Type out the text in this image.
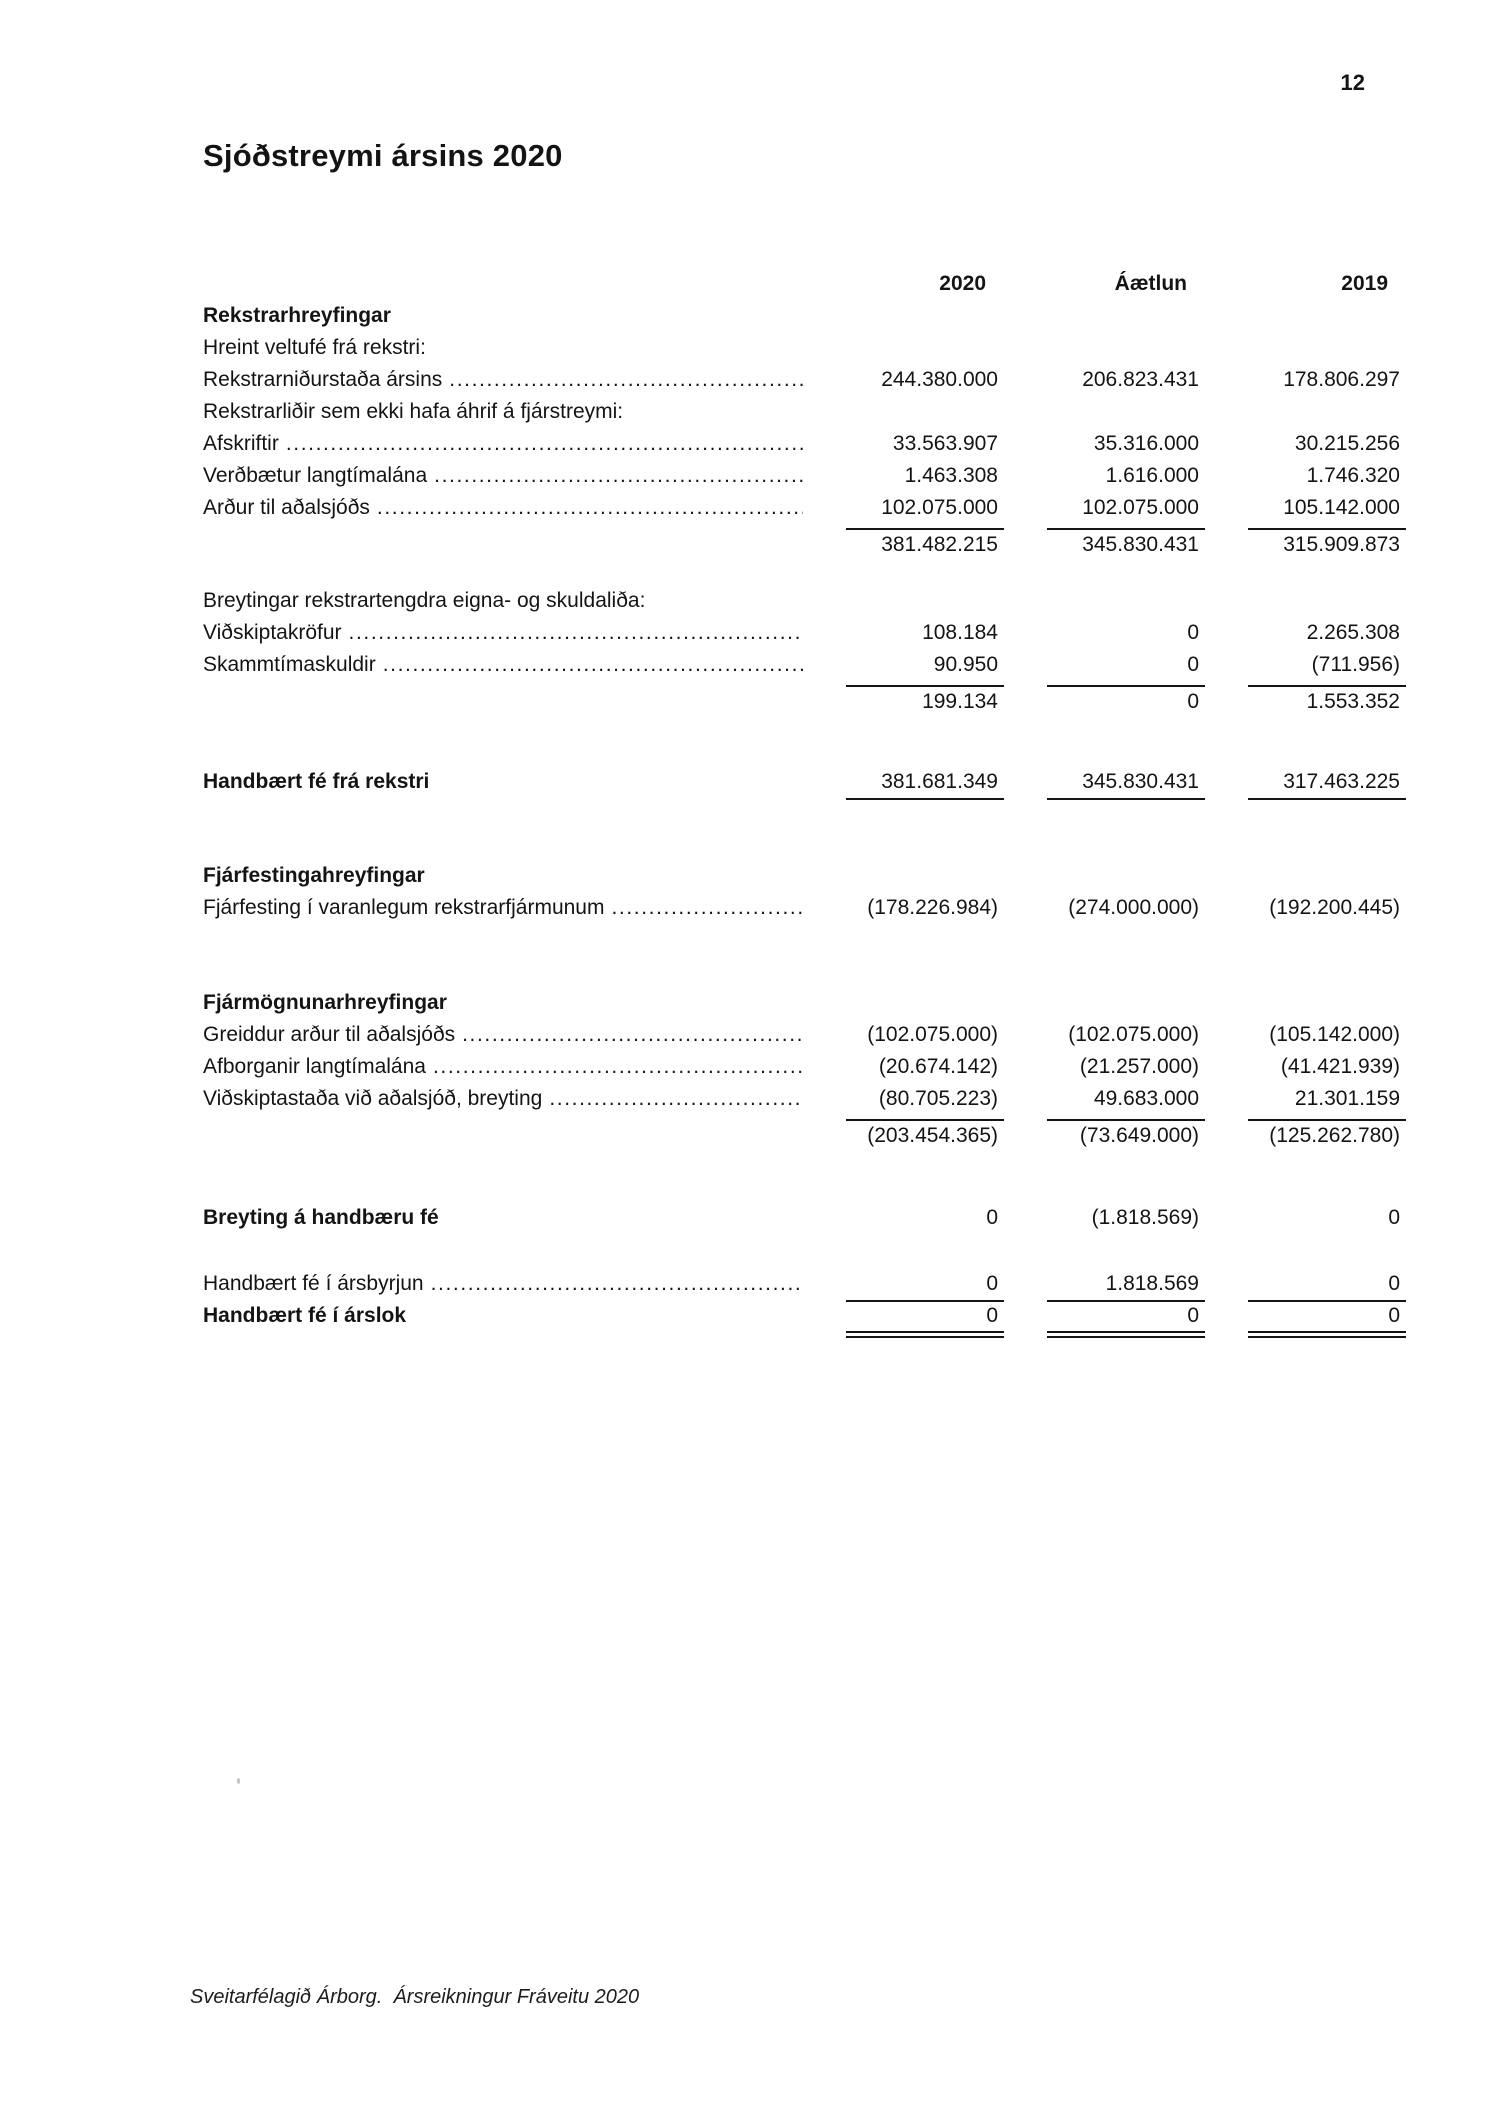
12
Sjóðstreymi ársins 2020
2020	Áætlun	2019
Rekstrarhreyfingar
Hreint veltufé frá rekstri:
Rekstrarniðurstaða ársins .....	244.380.000	206.823.431	178.806.297
Rekstrarliðir sem ekki hafa áhrif á fjárstreymi:
Afskriftir .....	33.563.907	35.316.000	30.215.256
Verðbætur langtímalána .....	1.463.308	1.616.000	1.746.320
Arður til aðalsjóðs .....	102.075.000	102.075.000	105.142.000
381.482.215	345.830.431	315.909.873
Breytingar rekstrartengdra eigna- og skuldaliða:
Viðskiptakröfur .....	108.184	0	2.265.308
Skammtímaskuldir .....	90.950	0	(711.956)
199.134	0	1.553.352
Handbært fé frá rekstri	381.681.349	345.830.431	317.463.225
Fjárfestingahreyfingar
Fjárfesting í varanlegum rekstrarfjármunum .....	(178.226.984)	(274.000.000)	(192.200.445)
Fjármögnunarhreyfingar
Greiddur arður til aðalsjóðs .....	(102.075.000)	(102.075.000)	(105.142.000)
Afborganir langtímalána .....	(20.674.142)	(21.257.000)	(41.421.939)
Viðskiptastaða við aðalsjóð, breyting .....	(80.705.223)	49.683.000	21.301.159
(203.454.365)	(73.649.000)	(125.262.780)
Breyting á handbæru fé	0	(1.818.569)	0
Handbært fé í ársbyrjun .....	0	1.818.569	0
Handbært fé í árslok	0	0	0
Sveitarfélagið Árborg.  Ársreikningur Fráveitu 2020
